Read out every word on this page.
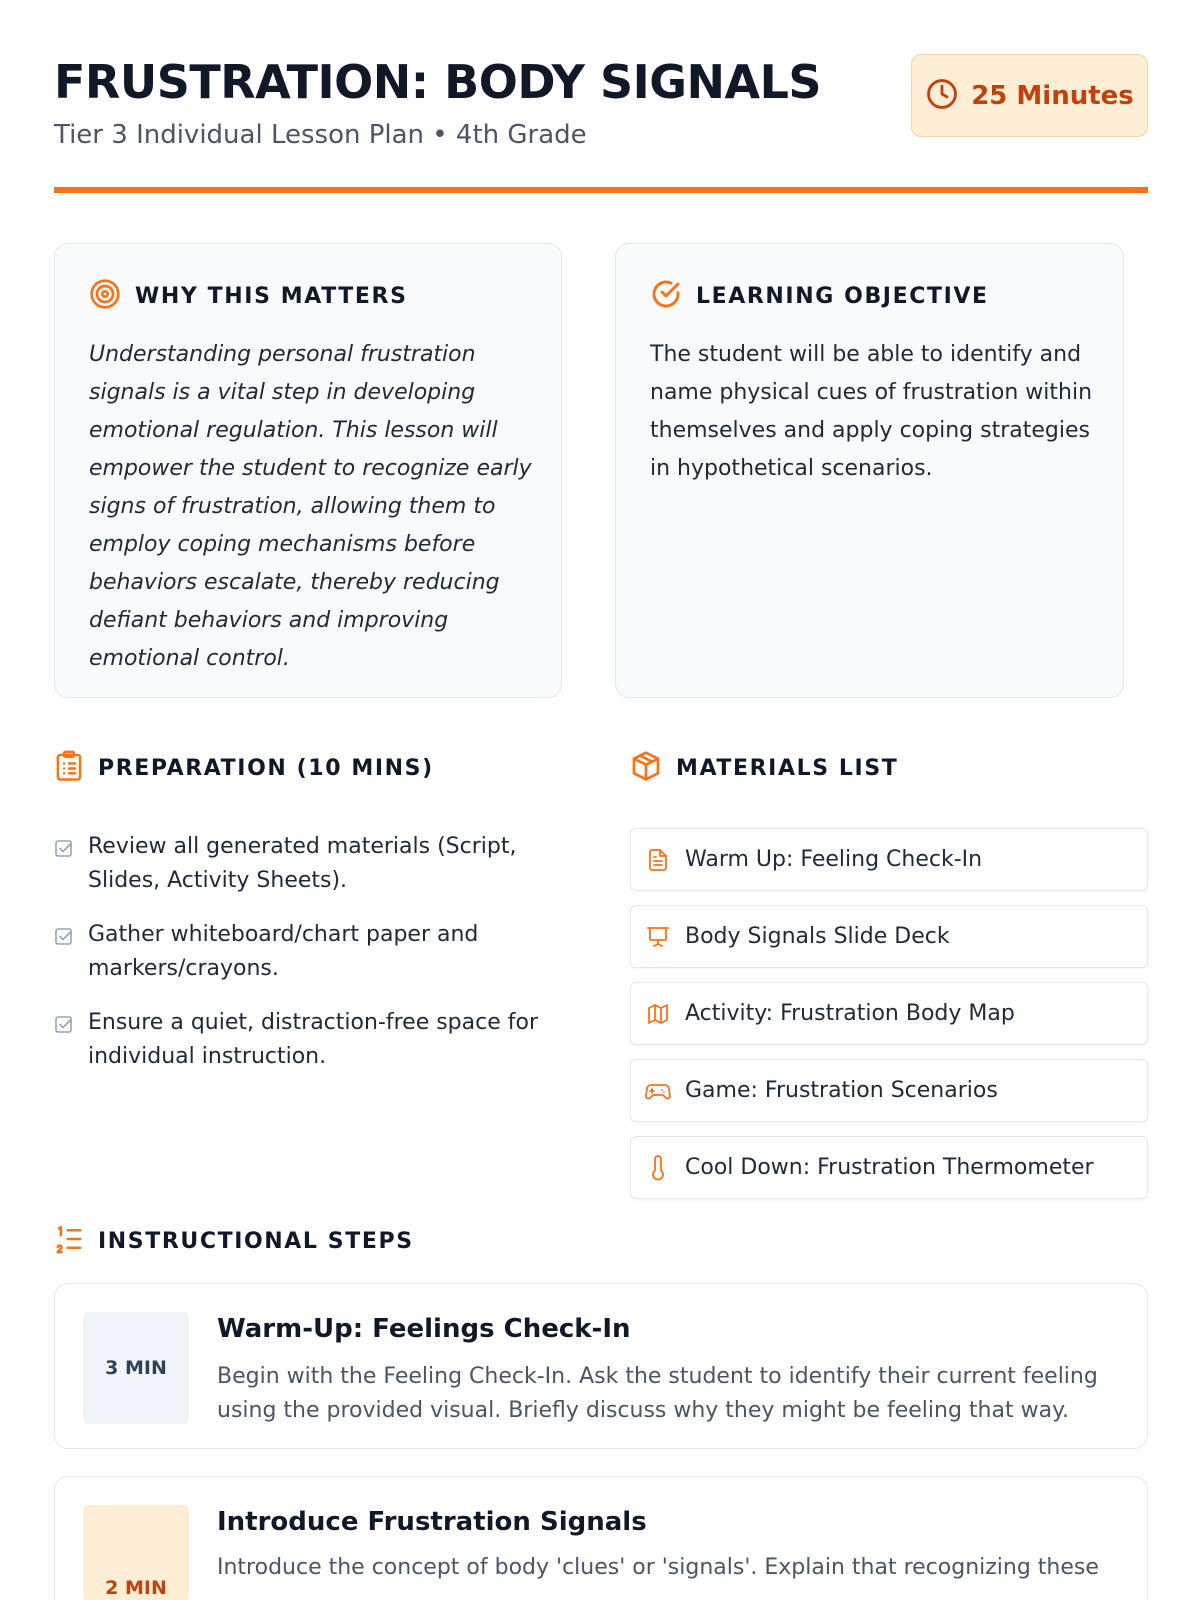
FRUSTRATION: BODY SIGNALS
Tier 3 Individual Lesson Plan • 4th Grade
25 Minutes
WHY THIS MATTERS

Understanding personal frustration signals is a vital step in developing emotional regulation. This lesson will empower the student to recognize early signs of frustration, allowing them to employ coping mechanisms before behaviors escalate, thereby reducing defiant behaviors and improving emotional control.

LEARNING OBJECTIVE

The student will be able to identify and name physical cues of frustration within themselves and apply coping strategies in hypothetical scenarios.

PREPARATION (10 MINS)
Review all generated materials (Script, Slides, Activity Sheets).
Gather whiteboard/chart paper and markers/crayons.
Ensure a quiet, distraction-free space for individual instruction.
MATERIALS LIST
Warm Up: Feeling Check-In
Body Signals Slide Deck
Activity: Frustration Body Map
Game: Frustration Scenarios
Cool Down: Frustration Thermometer
INSTRUCTIONAL STEPS
3 MIN
Warm-Up: Feelings Check-In
Begin with the Feeling Check-In. Ask the student to identify their current feeling using the provided visual. Briefly discuss why they might be feeling that way.
2 MIN
Introduce Frustration Signals
Introduce the concept of body 'clues' or 'signals'. Explain that recognizing these
